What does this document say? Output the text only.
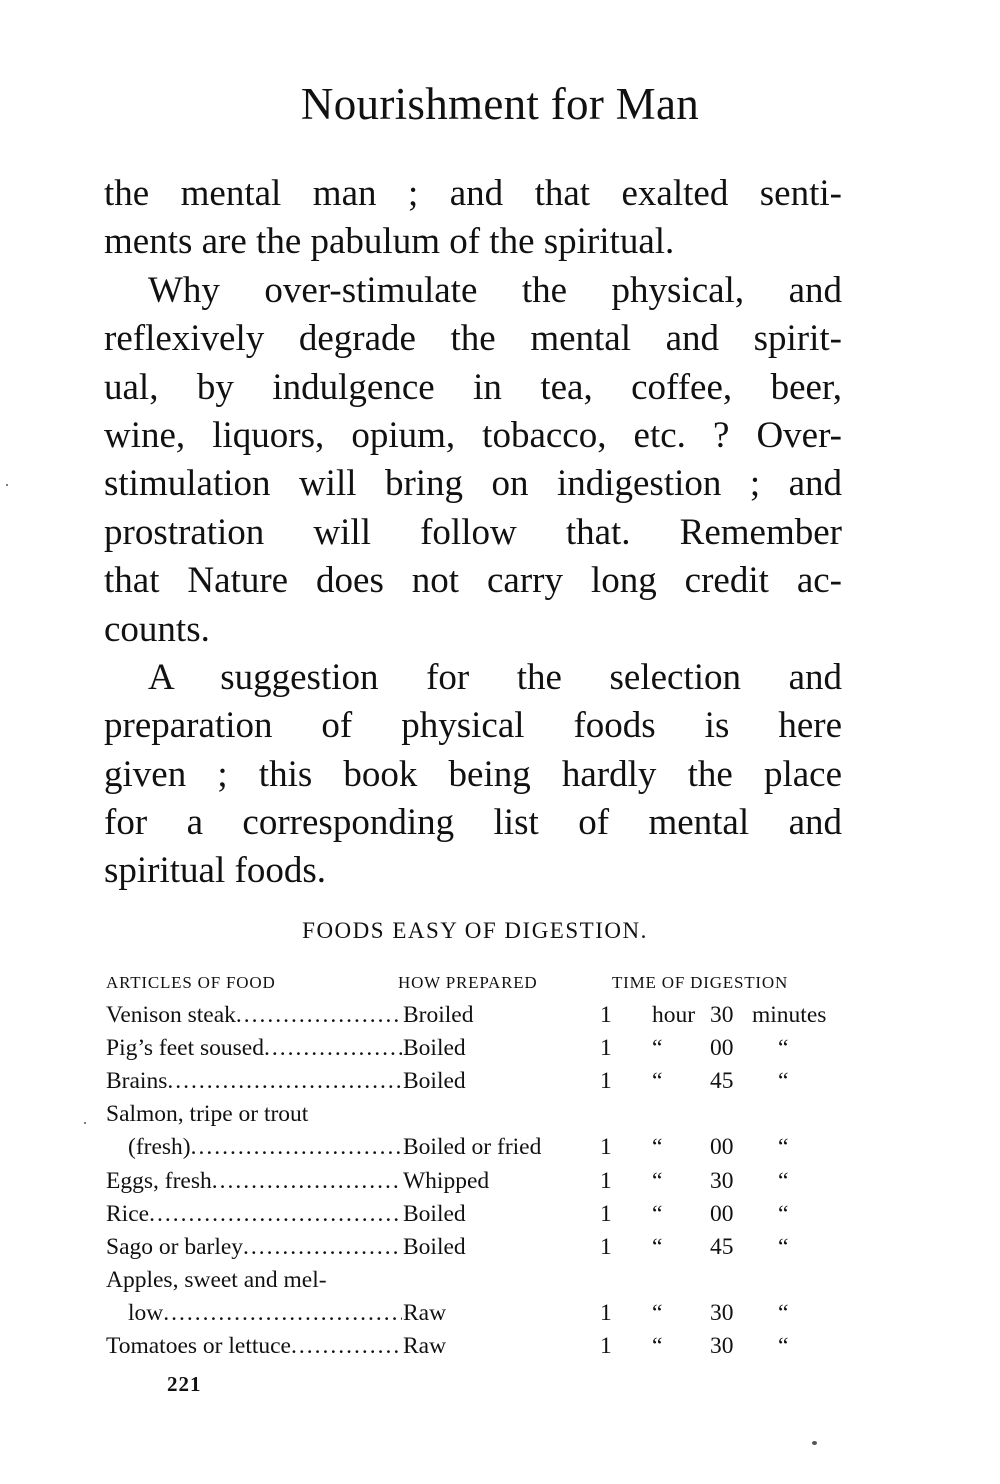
Nourishment for Man
the mental man ; and that exalted senti-
ments are the pabulum of the spiritual.
Why over-stimulate the physical, and
reflexively degrade the mental and spirit-
ual, by indulgence in tea, coffee, beer,
wine, liquors, opium, tobacco, etc. ? Over-
stimulation will bring on indigestion ; and
prostration will follow that. Remember
that Nature does not carry long credit ac-
counts.
A suggestion for the selection and
preparation of physical foods is here
given ; this book being hardly the place
for a corresponding list of mental and
spiritual foods.
FOODS EASY OF DIGESTION.
ARTICLES OF FOOD	HOW PREPARED	TIME OF DIGESTION
Venison steak .....	Broiled	1 hour 30 minutes
Pig’s feet soused .....	Boiled	1 “ 00 “
Brains .....	Boiled	1 “ 45 “
Salmon, tripe or trout
(fresh) .....	Boiled or fried 1 “ 00 “
Eggs, fresh .....	Whipped	1 “ 30 “
Rice .....	Boiled	1 “ 00 “
Sago or barley .....	Boiled	1 “ 45 “
Apples, sweet and mel-
low .....	Raw	1 “ 30 “
Tomatoes or lettuce .....	Raw	1 “ 30 “
221
